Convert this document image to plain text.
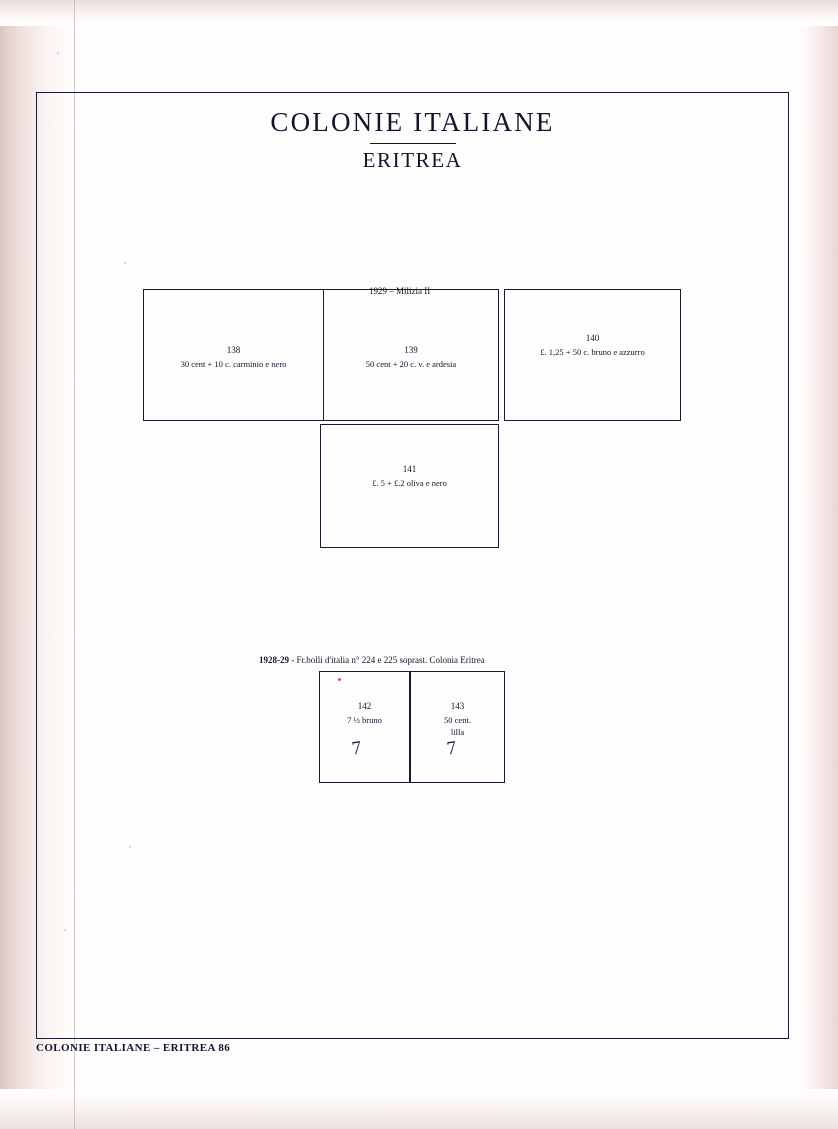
COLONIE ITALIANE
ERITREA
1929 – Milizia II
138
30 cent + 10 c. carminio e nero
139
50 cent + 20 c. v. e ardesia
140
£. 1,25 + 50 c. bruno e azzurro
141
£. 5 + £.2 oliva e nero
1928-29 - Fr.bolli d'italia n° 224 e 225 soprast. Colonia Eritrea
142
7 ½ bruno
7
143
50 cent.
lilla
7
COLONIE ITALIANE – ERITREA 86
